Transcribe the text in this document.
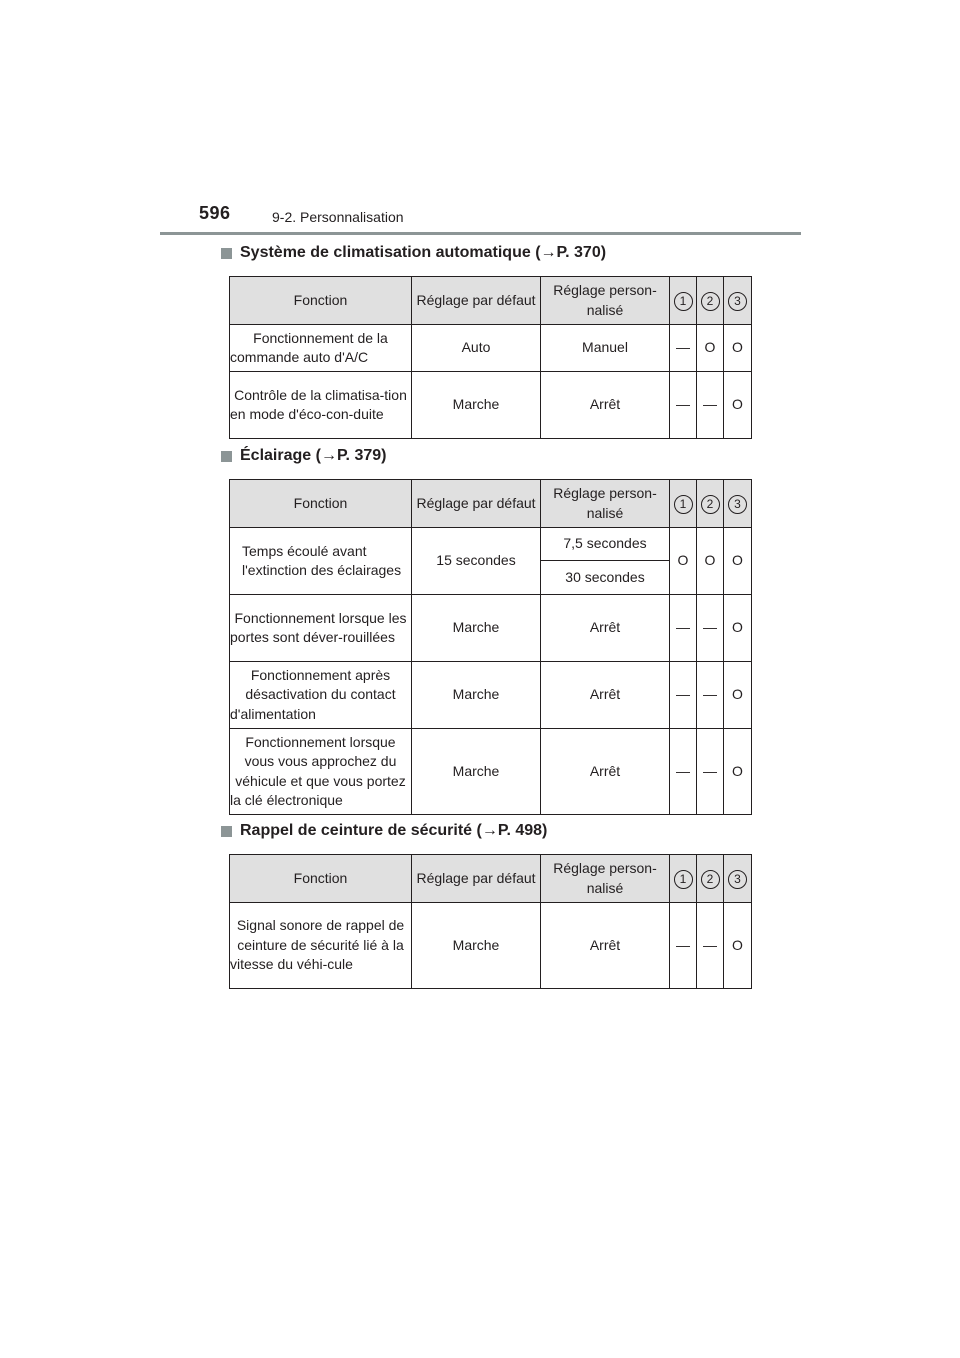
596	9-2. Personnalisation
Système de climatisation automatique ( → P. 370)
Fonction	Réglage par défaut	Réglage person-nalisé	1	2	3
Fonctionnement de la commande auto d'A/C	Auto	Manuel	—	O	O
Contrôle de la climatisa-tion en mode d'éco-con-duite	Marche	Arrêt	—	—	O
Éclairage ( → P. 379)
Fonction	Réglage par défaut	Réglage person-nalisé	1	2	3
Temps écoulé avant l'extinction des éclairages	15 secondes	7,5 secondes	O	O	O
		30 secondes			
Fonctionnement lorsque les portes sont déver-rouillées	Marche	Arrêt	—	—	O
Fonctionnement après désactivation du contact d'alimentation	Marche	Arrêt	—	—	O
Fonctionnement lorsque vous vous approchez du véhicule et que vous portez la clé électronique	Marche	Arrêt	—	—	O
Rappel de ceinture de sécurité ( → P. 498)
Fonction	Réglage par défaut	Réglage person-nalisé	1	2	3
Signal sonore de rappel de ceinture de sécurité lié à la vitesse du véhi-cule	Marche	Arrêt	—	—	O
